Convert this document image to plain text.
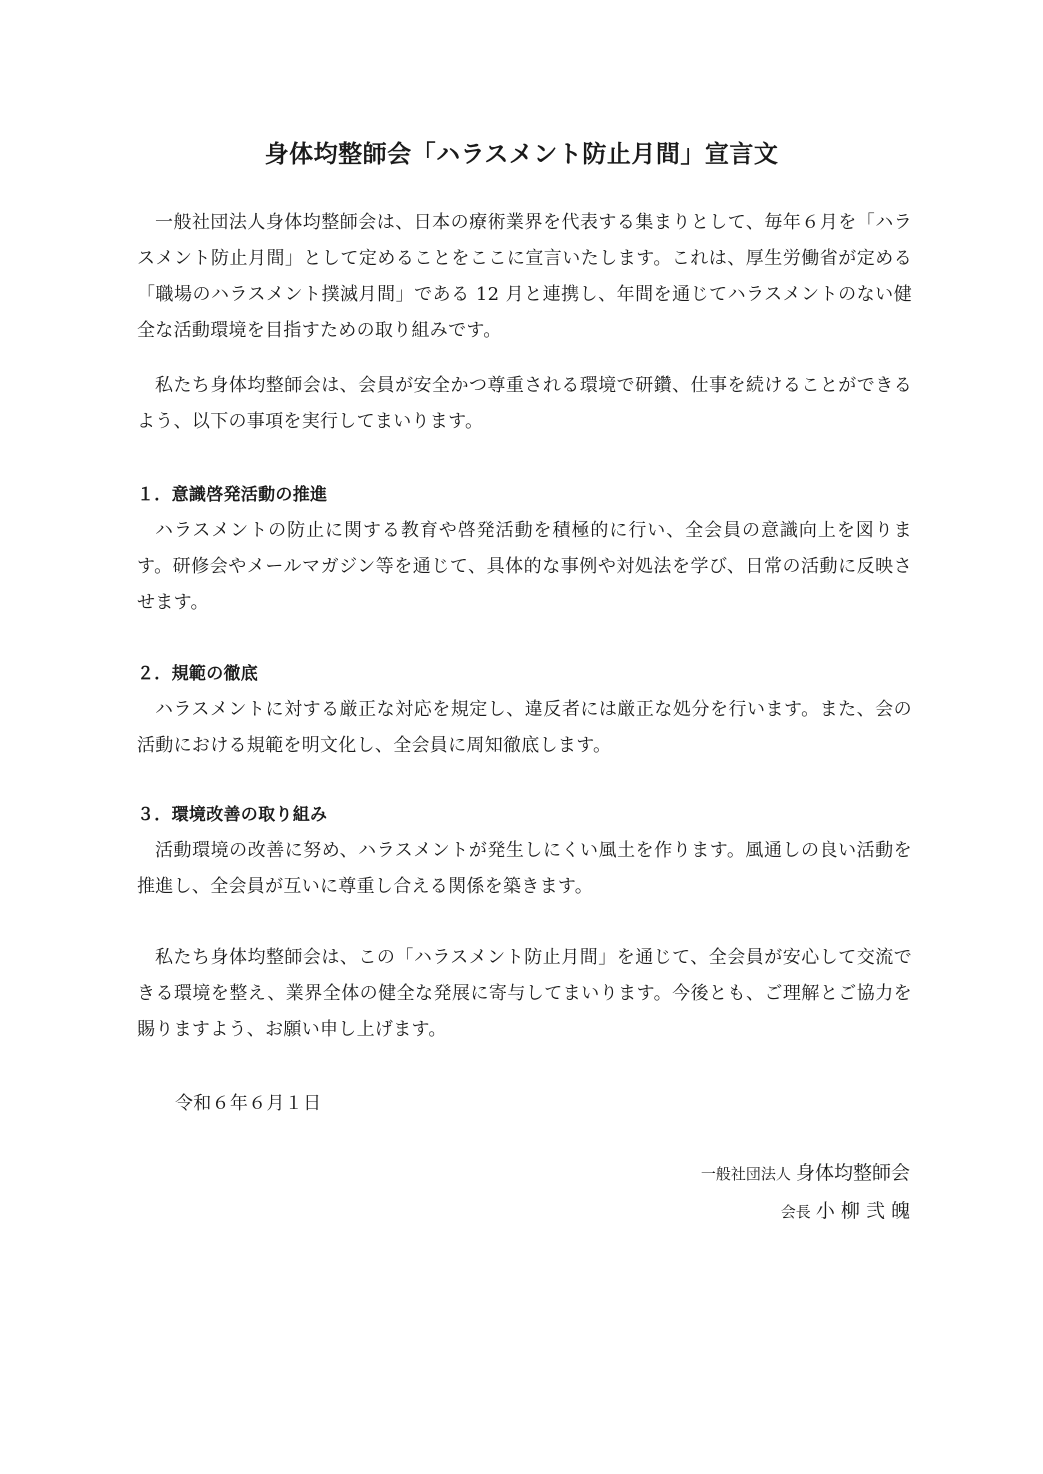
身体均整師会「ハラスメント防止月間」宣言文

一般社団法人身体均整師会は、日本の療術業界を代表する集まりとして、毎年６月を「ハラスメント防止月間」として定めることをここに宣言いたします。これは、厚生労働省が定める「職場のハラスメント撲滅月間」である 12 月と連携し、年間を通じてハラスメントのない健全な活動環境を目指すための取り組みです。

私たち身体均整師会は、会員が安全かつ尊重される環境で研鑽、仕事を続けることができるよう、以下の事項を実行してまいります。

１．意識啓発活動の推進

ハラスメントの防止に関する教育や啓発活動を積極的に行い、全会員の意識向上を図ります。研修会やメールマガジン等を通じて、具体的な事例や対処法を学び、日常の活動に反映させます。

２．規範の徹底

ハラスメントに対する厳正な対応を規定し、違反者には厳正な処分を行います。また、会の活動における規範を明文化し、全会員に周知徹底します。

３．環境改善の取り組み

活動環境の改善に努め、ハラスメントが発生しにくい風土を作ります。風通しの良い活動を推進し、全会員が互いに尊重し合える関係を築きます。

私たち身体均整師会は、この「ハラスメント防止月間」を通じて、全会員が安心して交流できる環境を整え、業界全体の健全な発展に寄与してまいります。今後とも、ご理解とご協力を賜りますよう、お願い申し上げます。

令和６年６月１日
一般社団法人 身体均整師会
会長 小 柳 弐 魄
